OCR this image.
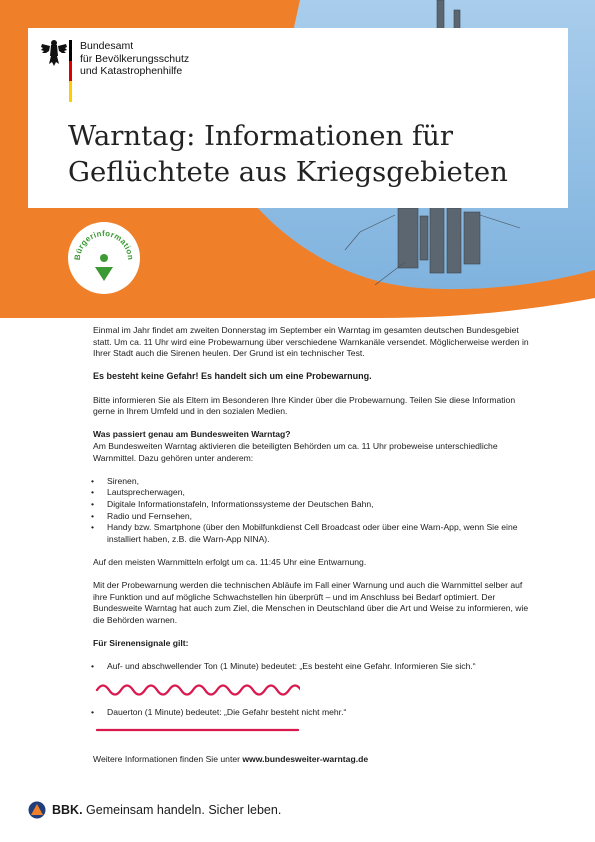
Bundesamt
für Bevölkerungsschutz
und Katastrophenhilfe
Warntag: Informationen für
Geflüchtete aus Kriegsgebieten
Bürgerinformation

Einmal im Jahr findet am zweiten Donnerstag im September ein Warntag im gesamten deutschen Bundesgebiet statt. Um ca. 11 Uhr wird eine Probewarnung über verschiedene Warnkanäle versendet. Möglicherweise werden in Ihrer Stadt auch die Sirenen heulen. Der Grund ist ein technischer Test.

Es besteht keine Gefahr! Es handelt sich um eine Probewarnung.

Bitte informieren Sie als Eltern im Besonderen Ihre Kinder über die Probewarnung. Teilen Sie diese Information gerne in Ihrem Umfeld und in den sozialen Medien.

Was passiert genau am Bundesweiten Warntag?

Am Bundesweiten Warntag aktivieren die beteiligten Behörden um ca. 11 Uhr probeweise unterschiedliche Warnmittel. Dazu gehören unter anderem:

• Sirenen,
• Lautsprecherwagen,
• Digitale Informationstafeln, Informationssysteme der Deutschen Bahn,
• Radio und Fernsehen,
• Handy bzw. Smartphone (über den Mobilfunkdienst Cell Broadcast oder über eine Warn-App, wenn Sie eine installiert haben, z.B. die Warn-App NINA).

Auf den meisten Warnmitteln erfolgt um ca. 11:45 Uhr eine Entwarnung.

Mit der Probewarnung werden die technischen Abläufe im Fall einer Warnung und auch die Warnmittel selber auf ihre Funktion und auf mögliche Schwachstellen hin überprüft – und im Anschluss bei Bedarf optimiert. Der Bundesweite Warntag hat auch zum Ziel, die Menschen in Deutschland über die Art und Weise zu informieren, wie die Behörden warnen.

Für Sirenensignale gilt:

• Auf- und abschwellender Ton (1 Minute) bedeutet: „Es besteht eine Gefahr. Informieren Sie sich.“
• Dauerton (1 Minute) bedeutet: „Die Gefahr besteht nicht mehr.“

Weitere Informationen finden Sie unter www.bundesweiter-warntag.de

BBK. Gemeinsam handeln. Sicher leben.
